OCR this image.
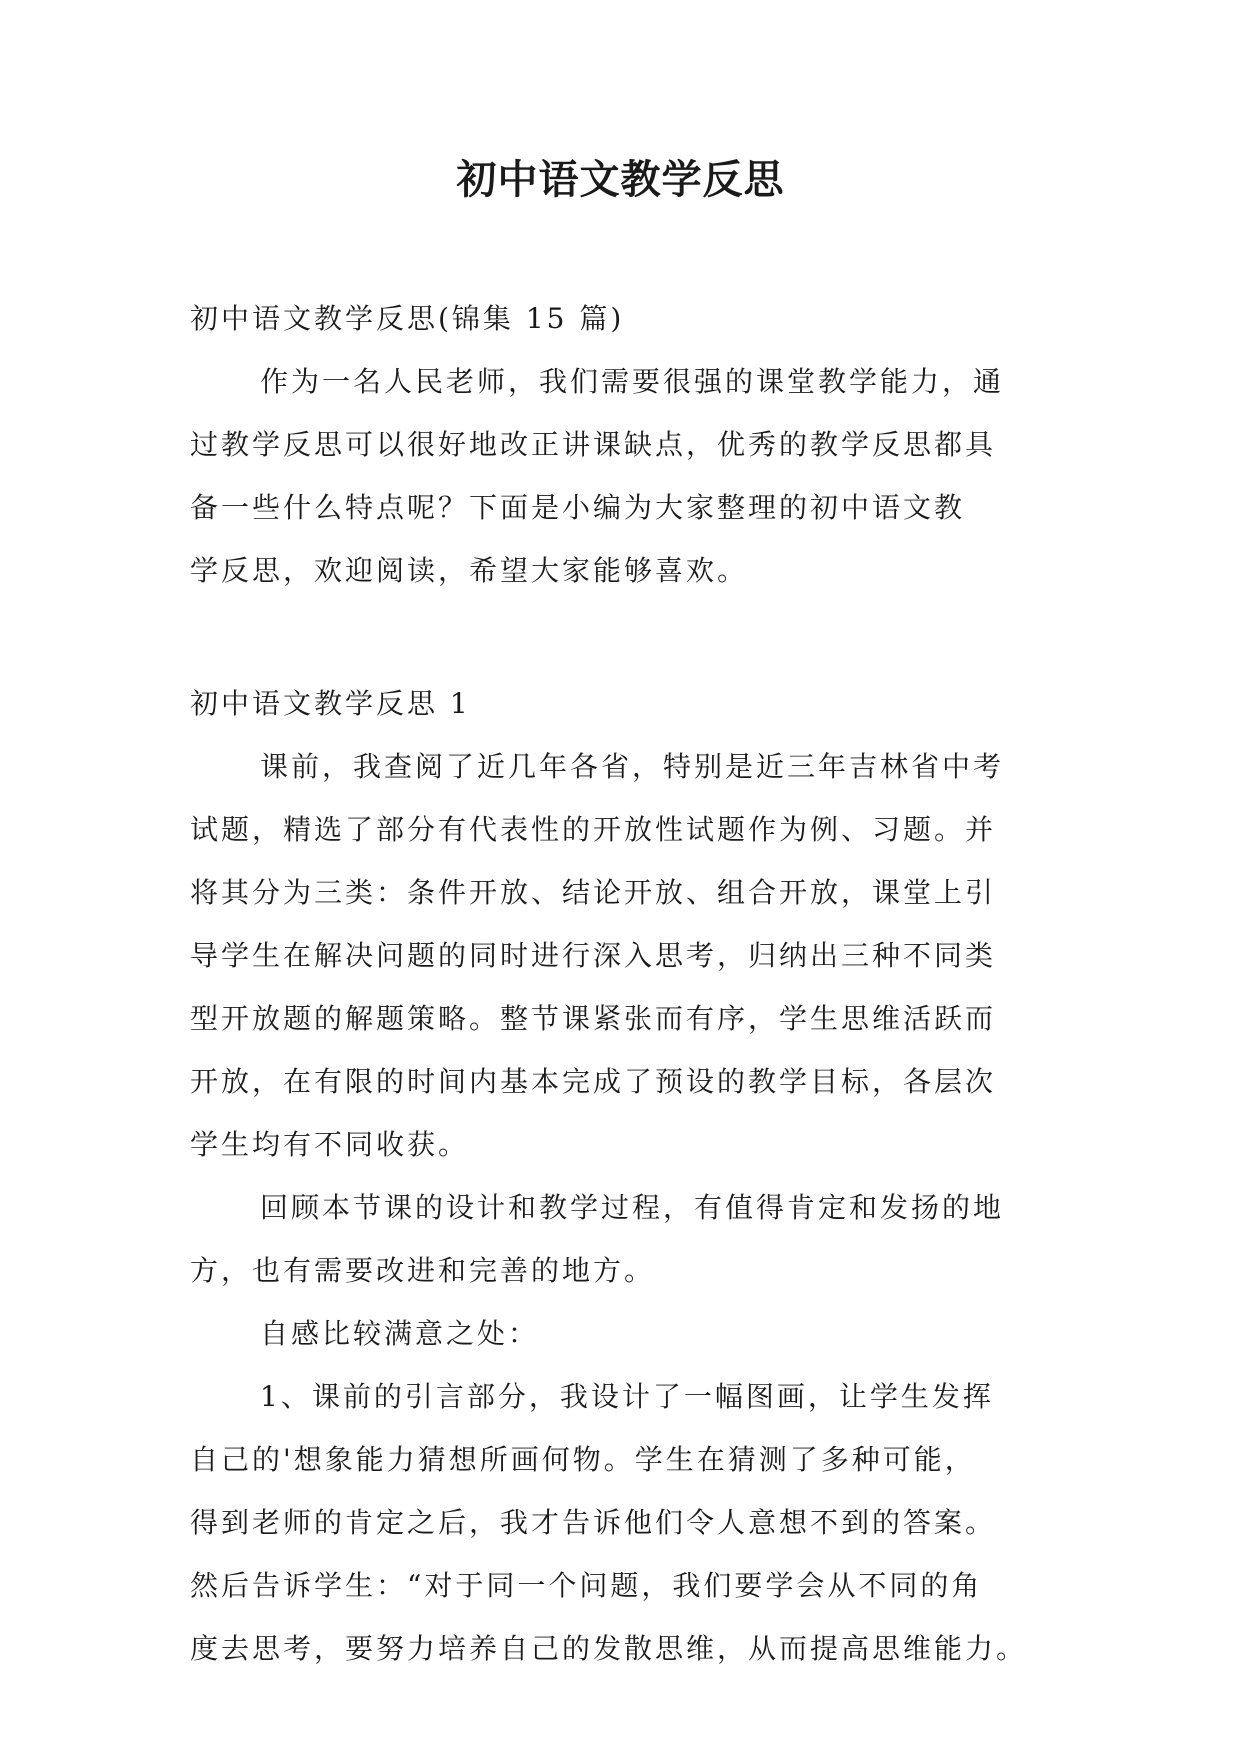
初中语文教学反思
初中语文教学反思(锦集 15 篇)
作为一名人民老师，我们需要很强的课堂教学能力，通
过教学反思可以很好地改正讲课缺点，优秀的教学反思都具
备一些什么特点呢？下面是小编为大家整理的初中语文教
学反思，欢迎阅读，希望大家能够喜欢。
初中语文教学反思 1
课前，我查阅了近几年各省，特别是近三年吉林省中考
试题，精选了部分有代表性的开放性试题作为例、习题。并
将其分为三类：条件开放、结论开放、组合开放，课堂上引
导学生在解决问题的同时进行深入思考，归纳出三种不同类
型开放题的解题策略。整节课紧张而有序，学生思维活跃而
开放，在有限的时间内基本完成了预设的教学目标，各层次
学生均有不同收获。
回顾本节课的设计和教学过程，有值得肯定和发扬的地
方，也有需要改进和完善的地方。
自感比较满意之处：
1、课前的引言部分，我设计了一幅图画，让学生发挥
自己的'想象能力猜想所画何物。学生在猜测了多种可能，
得到老师的肯定之后，我才告诉他们令人意想不到的答案。
然后告诉学生：“对于同一个问题，我们要学会从不同的角
度去思考，要努力培养自己的发散思维，从而提高思维能力。
